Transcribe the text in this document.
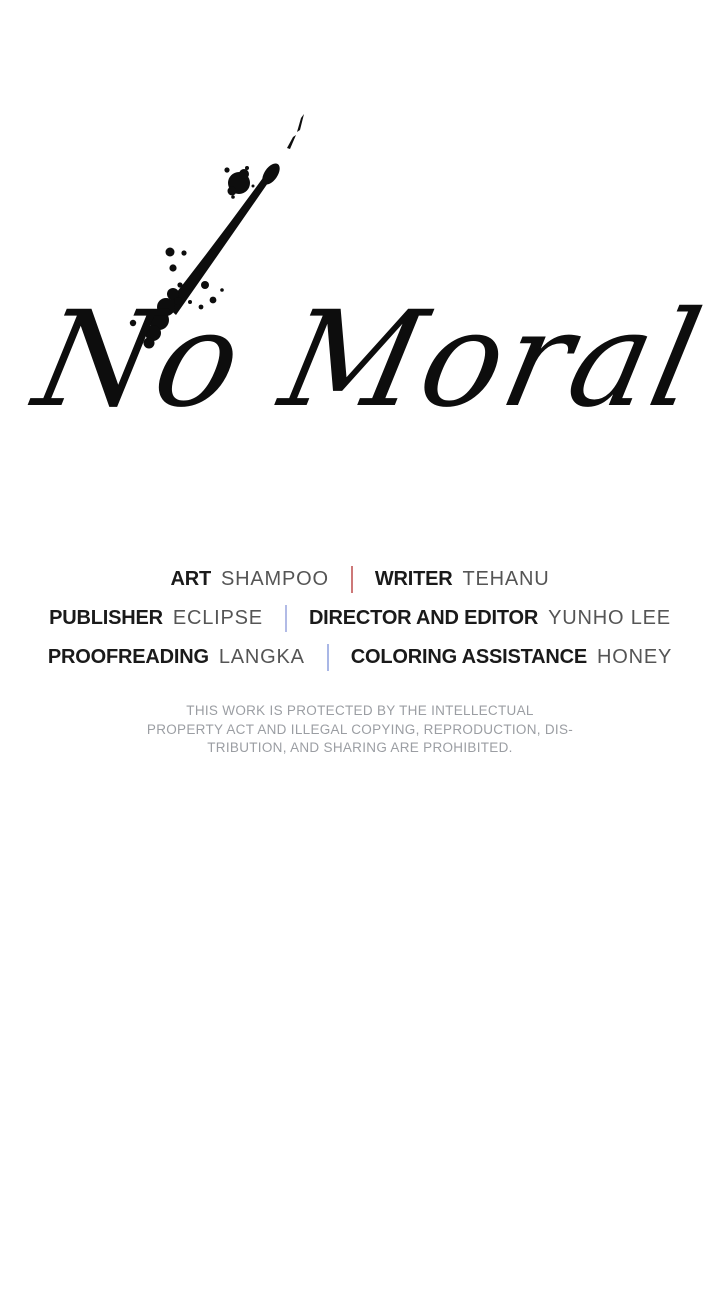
No Moral
ART SHAMPOO WRITER TEHANU
PUBLISHER ECLIPSE DIRECTOR AND EDITOR YUNHO LEE
PROOFREADING LANGKA COLORING ASSISTANCE HONEY
THIS WORK IS PROTECTED BY THE INTELLECTUAL
PROPERTY ACT AND ILLEGAL COPYING, REPRODUCTION, DIS-
TRIBUTION, AND SHARING ARE PROHIBITED.
